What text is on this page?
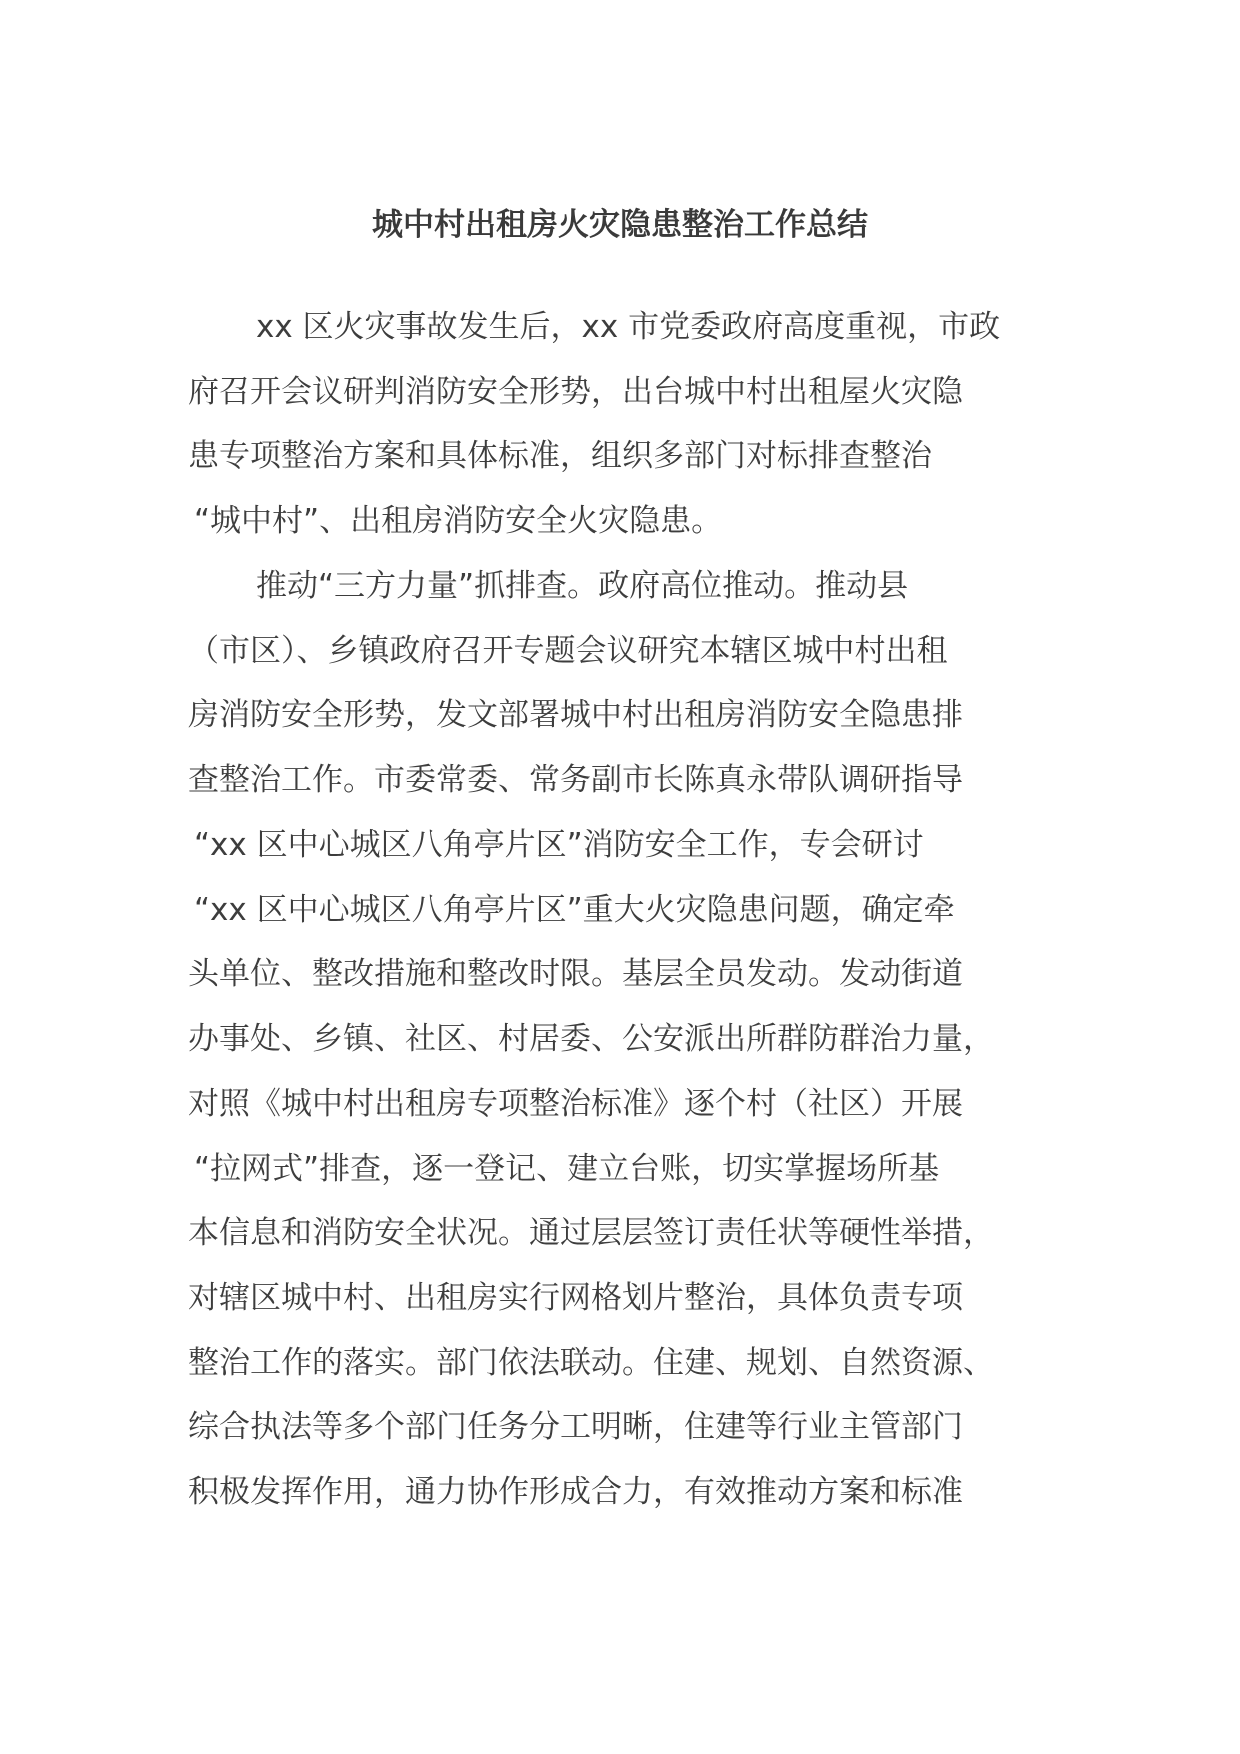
城中村出租房火灾隐患整治工作总结

xx 区火灾事故发生后，xx 市党委政府高度重视，市政

府召开会议研判消防安全形势，出台城中村出租屋火灾隐

患专项整治方案和具体标准，组织多部门对标排查整治

“城中村”、出租房消防安全火灾隐患。

推动“三方力量”抓排查。政府高位推动。推动县

（市区）、乡镇政府召开专题会议研究本辖区城中村出租

房消防安全形势，发文部署城中村出租房消防安全隐患排

查整治工作。市委常委、常务副市长陈真永带队调研指导

“xx 区中心城区八角亭片区”消防安全工作，专会研讨

“xx 区中心城区八角亭片区”重大火灾隐患问题，确定牵

头单位、整改措施和整改时限。基层全员发动。发动街道

办事处、乡镇、社区、村居委、公安派出所群防群治力量，

对照《城中村出租房专项整治标准》逐个村（社区）开展

“拉网式”排查，逐一登记、建立台账，切实掌握场所基

本信息和消防安全状况。通过层层签订责任状等硬性举措，

对辖区城中村、出租房实行网格划片整治，具体负责专项

整治工作的落实。部门依法联动。住建、规划、自然资源、

综合执法等多个部门任务分工明晰，住建等行业主管部门

积极发挥作用，通力协作形成合力，有效推动方案和标准
